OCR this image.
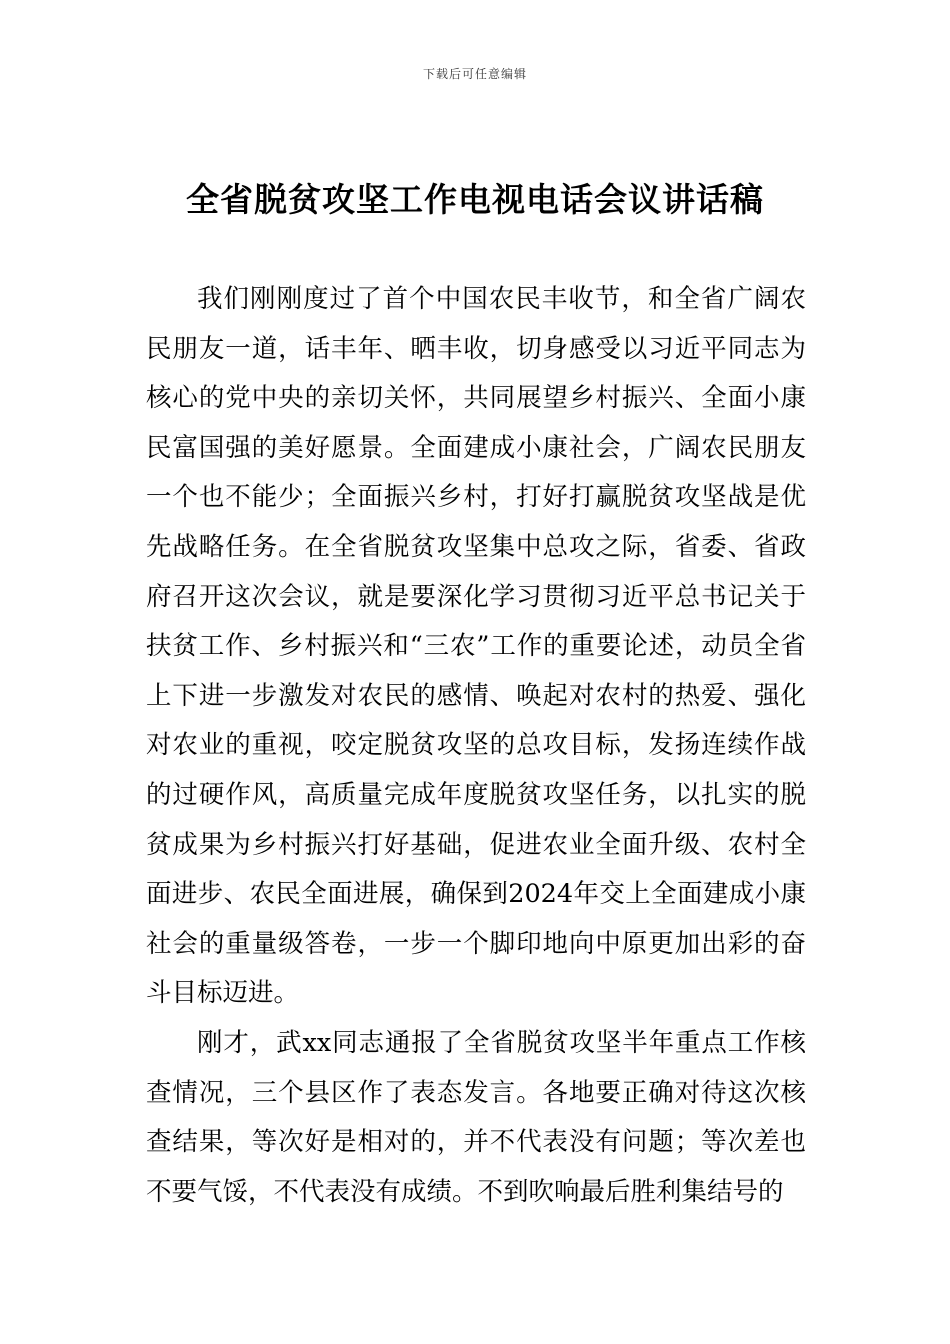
下载后可任意编辑
全省脱贫攻坚工作电视电话会议讲话稿

我们刚刚度过了首个中国农民丰收节，和全省广阔农民朋友一道，话丰年、晒丰收，切身感受以习近平同志为核心的党中央的亲切关怀，共同展望乡村振兴、全面小康民富国强的美好愿景。全面建成小康社会，广阔农民朋友一个也不能少；全面振兴乡村，打好打赢脱贫攻坚战是优先战略任务。在全省脱贫攻坚集中总攻之际，省委、省政府召开这次会议，就是要深化学习贯彻习近平总书记关于扶贫工作、乡村振兴和“三农”工作的重要论述，动员全省上下进一步激发对农民的感情、唤起对农村的热爱、强化对农业的重视，咬定脱贫攻坚的总攻目标，发扬连续作战的过硬作风，高质量完成年度脱贫攻坚任务，以扎实的脱贫成果为乡村振兴打好基础，促进农业全面升级、农村全面进步、农民全面进展，确保到2024年交上全面建成小康社会的重量级答卷，一步一个脚印地向中原更加出彩的奋斗目标迈进。

刚才，武xx同志通报了全省脱贫攻坚半年重点工作核查情况，三个县区作了表态发言。各地要正确对待这次核查结果，等次好是相对的，并不代表没有问题；等次差也不要气馁，不代表没有成绩。不到吹响最后胜利集结号的
